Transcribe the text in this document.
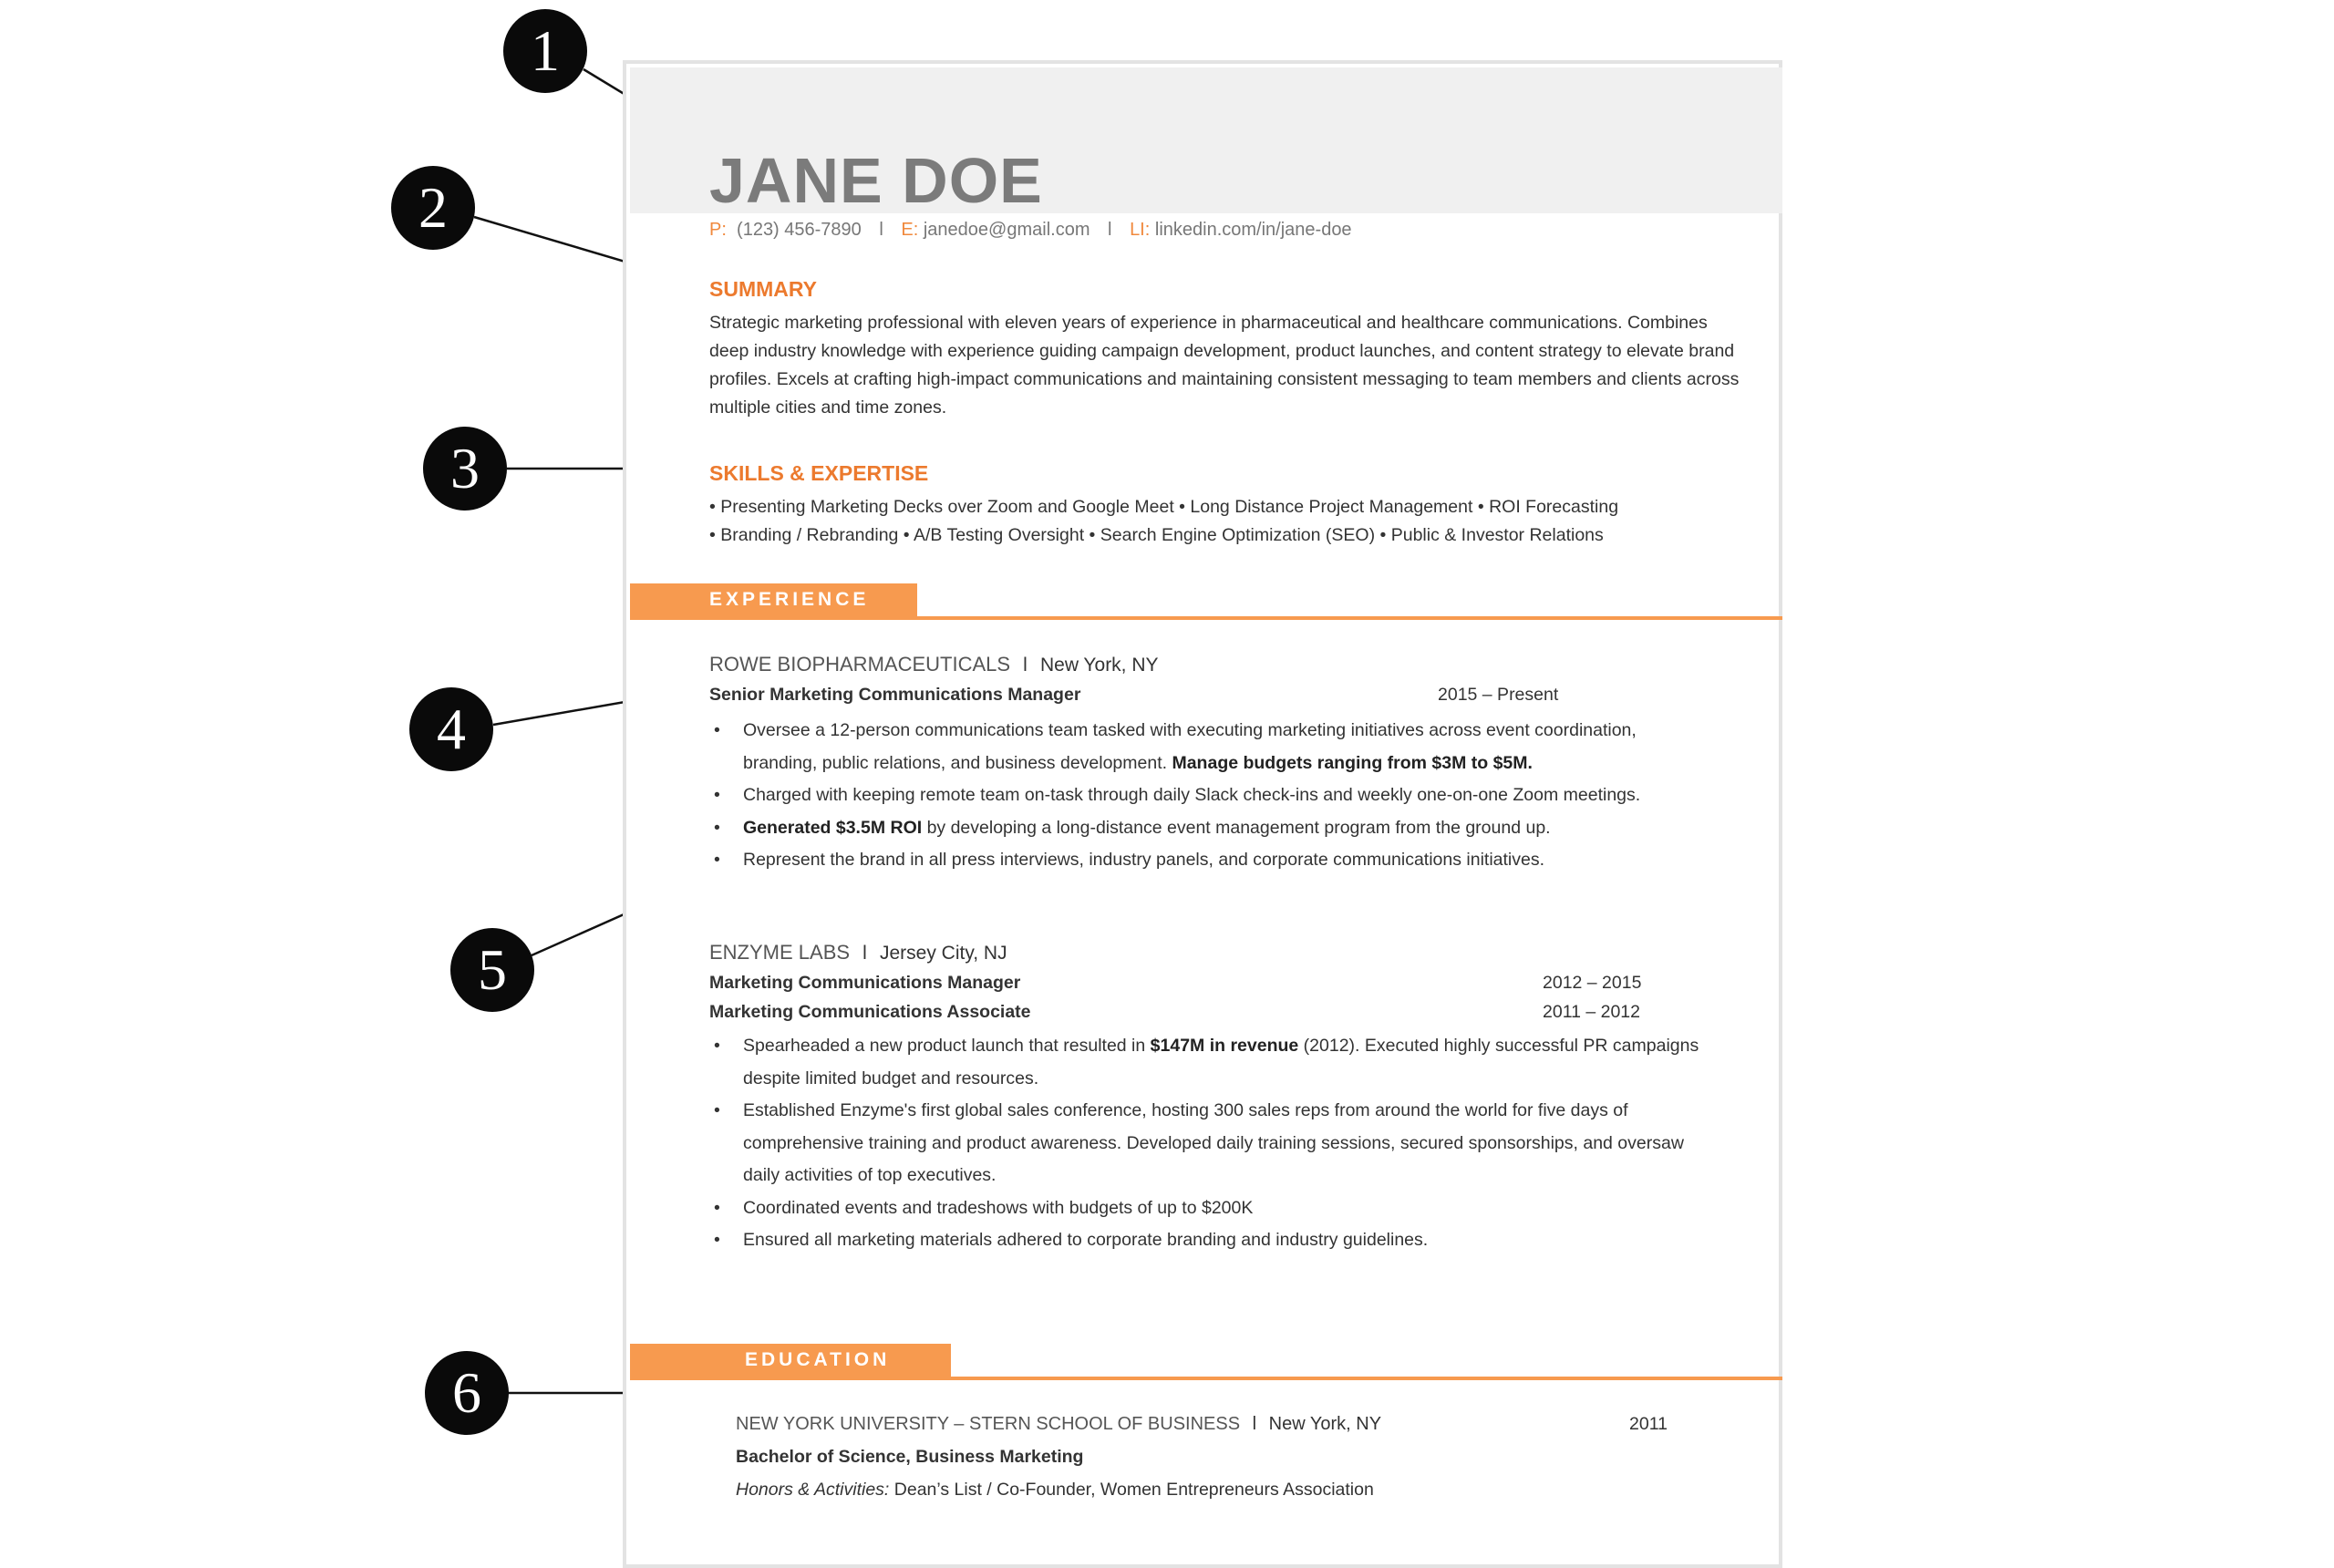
JANE DOE
P: (123) 456-7890 l E: janedoe@gmail.com l LI: linkedin.com/in/jane-doe
SUMMARY
Strategic marketing professional with eleven years of experience in pharmaceutical and healthcare communications. Combines deep industry knowledge with experience guiding campaign development, product launches, and content strategy to elevate brand profiles. Excels at crafting high-impact communications and maintaining consistent messaging to team members and clients across multiple cities and time zones.
SKILLS & EXPERTISE
• Presenting Marketing Decks over Zoom and Google Meet • Long Distance Project Management • ROI Forecasting
• Branding / Rebranding • A/B Testing Oversight • Search Engine Optimization (SEO) • Public & Investor Relations
EXPERIENCE
ROWE BIOPHARMACEUTICALS l New York, NY
Senior Marketing Communications Manager	2015 – Present
• Oversee a 12-person communications team tasked with executing marketing initiatives across event coordination, branding, public relations, and business development. Manage budgets ranging from $3M to $5M.
• Charged with keeping remote team on-task through daily Slack check-ins and weekly one-on-one Zoom meetings.
• Generated $3.5M ROI by developing a long-distance event management program from the ground up.
• Represent the brand in all press interviews, industry panels, and corporate communications initiatives.
ENZYME LABS l Jersey City, NJ
Marketing Communications Manager	2012 – 2015
Marketing Communications Associate	2011 – 2012
• Spearheaded a new product launch that resulted in $147M in revenue (2012). Executed highly successful PR campaigns despite limited budget and resources.
• Established Enzyme's first global sales conference, hosting 300 sales reps from around the world for five days of comprehensive training and product awareness. Developed daily training sessions, secured sponsorships, and oversaw daily activities of top executives.
• Coordinated events and tradeshows with budgets of up to $200K
• Ensured all marketing materials adhered to corporate branding and industry guidelines.
EDUCATION
NEW YORK UNIVERSITY – STERN SCHOOL OF BUSINESS l New York, NY	2011
Bachelor of Science, Business Marketing
Honors & Activities: Dean’s List / Co-Founder, Women Entrepreneurs Association
1
2
3
4
5
6
